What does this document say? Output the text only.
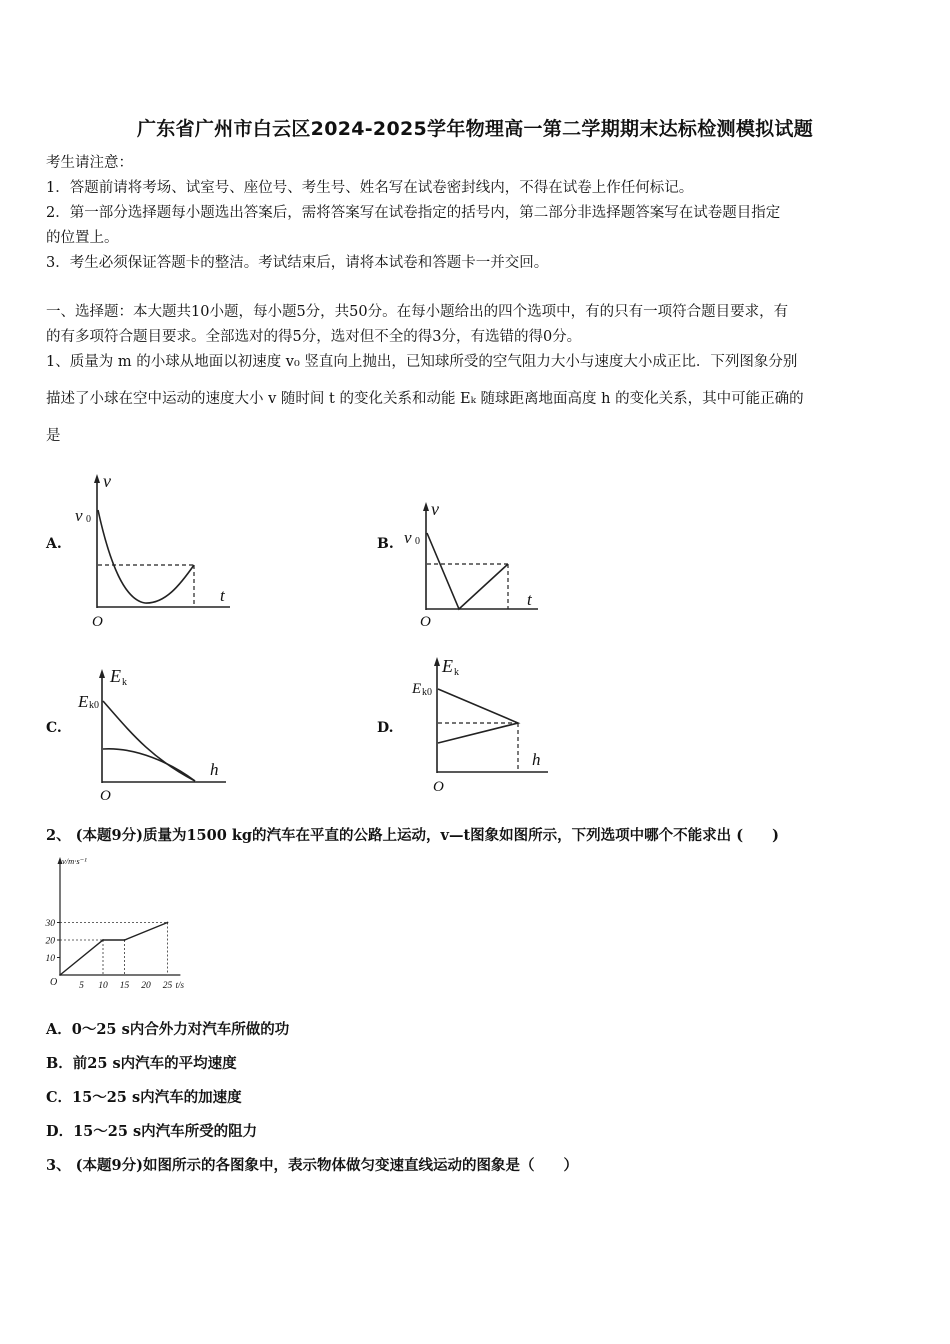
广东省广州市白云区2024-2025学年物理高一第二学期期末达标检测模拟试题
考生请注意：
1．答题前请将考场、试室号、座位号、考生号、姓名写在试卷密封线内，不得在试卷上作任何标记。
2．第一部分选择题每小题选出答案后，需将答案写在试卷指定的括号内，第二部分非选择题答案写在试卷题目指定
的位置上。
3．考生必须保证答题卡的整洁。考试结束后，请将本试卷和答题卡一并交回。
一、选择题：本大题共10小题，每小题5分，共50分。在每小题给出的四个选项中，有的只有一项符合题目要求，有
的有多项符合题目要求。全部选对的得5分，选对但不全的得3分，有选错的得0分。
1、质量为 m 的小球从地面以初速度 v₀ 竖直向上抛出，已知球所受的空气阻力大小与速度大小成正比．下列图象分别
描述了小球在空中运动的速度大小 v 随时间 t 的变化关系和动能 Eₖ 随球距离地面高度 h 的变化关系，其中可能正确的
是
A.	B.
C.	D.
v
v 0
t
O
v
v 0
t
O
E k
E k0
h
O
E k
E k0
h
O
2、 (本题9分)质量为1500 kg的汽车在平直的公路上运动，v—t图象如图所示，下列选项中哪个不能求出 (　　)
v/m·s⁻¹
t/s
O 5 10 15 20 25
10
20
30
A．0～25 s内合外力对汽车所做的功
B．前25 s内汽车的平均速度
C．15～25 s内汽车的加速度
D．15～25 s内汽车所受的阻力
3、 (本题9分)如图所示的各图象中，表示物体做匀变速直线运动的图象是（　　）
